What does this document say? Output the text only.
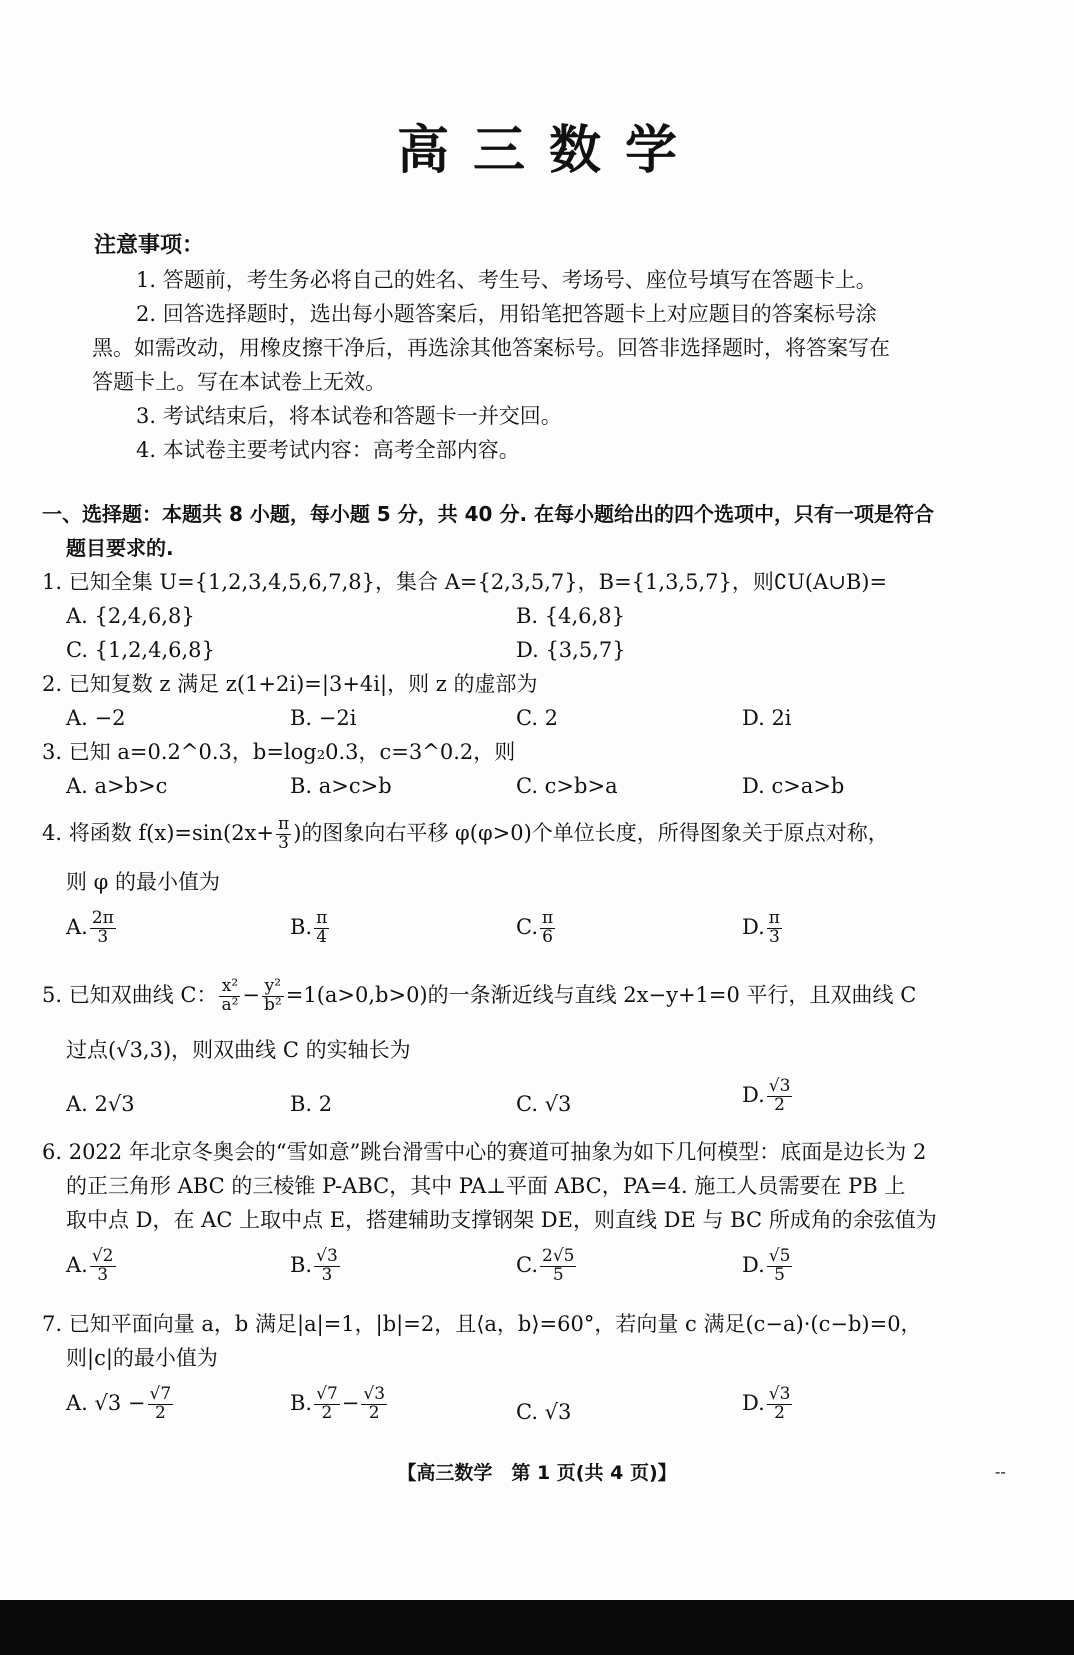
高 三 数 学
注意事项：
1. 答题前，考生务必将自己的姓名、考生号、考场号、座位号填写在答题卡上。
2. 回答选择题时，选出每小题答案后，用铅笔把答题卡上对应题目的答案标号涂
黑。如需改动，用橡皮擦干净后，再选涂其他答案标号。回答非选择题时，将答案写在
答题卡上。写在本试卷上无效。
3. 考试结束后，将本试卷和答题卡一并交回。
4. 本试卷主要考试内容：高考全部内容。
一、选择题：本题共 8 小题，每小题 5 分，共 40 分. 在每小题给出的四个选项中，只有一项是符合
题目要求的.
1. 已知全集 U={1,2,3,4,5,6,7,8}，集合 A={2,3,5,7}，B={1,3,5,7}，则∁U(A∪B)=
A. {2,4,6,8}	B. {4,6,8}
C. {1,2,4,6,8}	D. {3,5,7}
2. 已知复数 z 满足 z(1+2i)=|3+4i|，则 z 的虚部为
A. −2	B. −2i	C. 2	D. 2i
3. 已知 a=0.2^0.3，b=log₂0.3，c=3^0.2，则
A. a>b>c	B. a>c>b	C. c>b>a	D. c>a>b
4. 将函数 $f(x)=\sin(2x+ \frac{\pi}{3}$ )的图象向右平移 φ(φ>0)个单位长度，所得图象关于原点对称，
则 φ 的最小值为
A. $\frac{2\pi}{3}$	B. $\frac{\pi}{4}$	C. $\frac{\pi}{6}$	D. $\frac{\pi}{3}$
5. 已知双曲线 C： $\frac{\text{x²}}{\text{a²}} - \frac{\text{y²}}{\text{b²}} =1(a>0,b>0)$的一条渐近线与直线 2x−y+1=0 平行，且双曲线 C
过点(√3,3)，则双曲线 C 的实轴长为
A. 2√3	B. 2	C. √3	D. $\frac{√3}{2}$
6. 2022 年北京冬奥会的“雪如意”跳台滑雪中心的赛道可抽象为如下几何模型：底面是边长为 2
的正三角形 ABC 的三棱锥 P-ABC，其中 PA⊥平面 ABC，PA=4. 施工人员需要在 PB 上
取中点 D，在 AC 上取中点 E，搭建辅助支撑钢架 DE，则直线 DE 与 BC 所成角的余弦值为
A. $\frac{√2}{3}$	B. $\frac{√3}{3}$	C. $\frac{2√5}{5}$	D. $\frac{√5}{5}$
7. 已知平面向量 a，b 满足|a|=1，|b|=2，且⟨a，b⟩=60°，若向量 c 满足(c−a)·(c−b)=0，
则|c|的最小值为
A. $√3 - \frac{√7}{2}$	B. $\frac{√7}{2} - \frac{√3}{2}$	C. √3	D. $\frac{√3}{2}$
【高三数学　第 1 页(共 4 页)】	--
